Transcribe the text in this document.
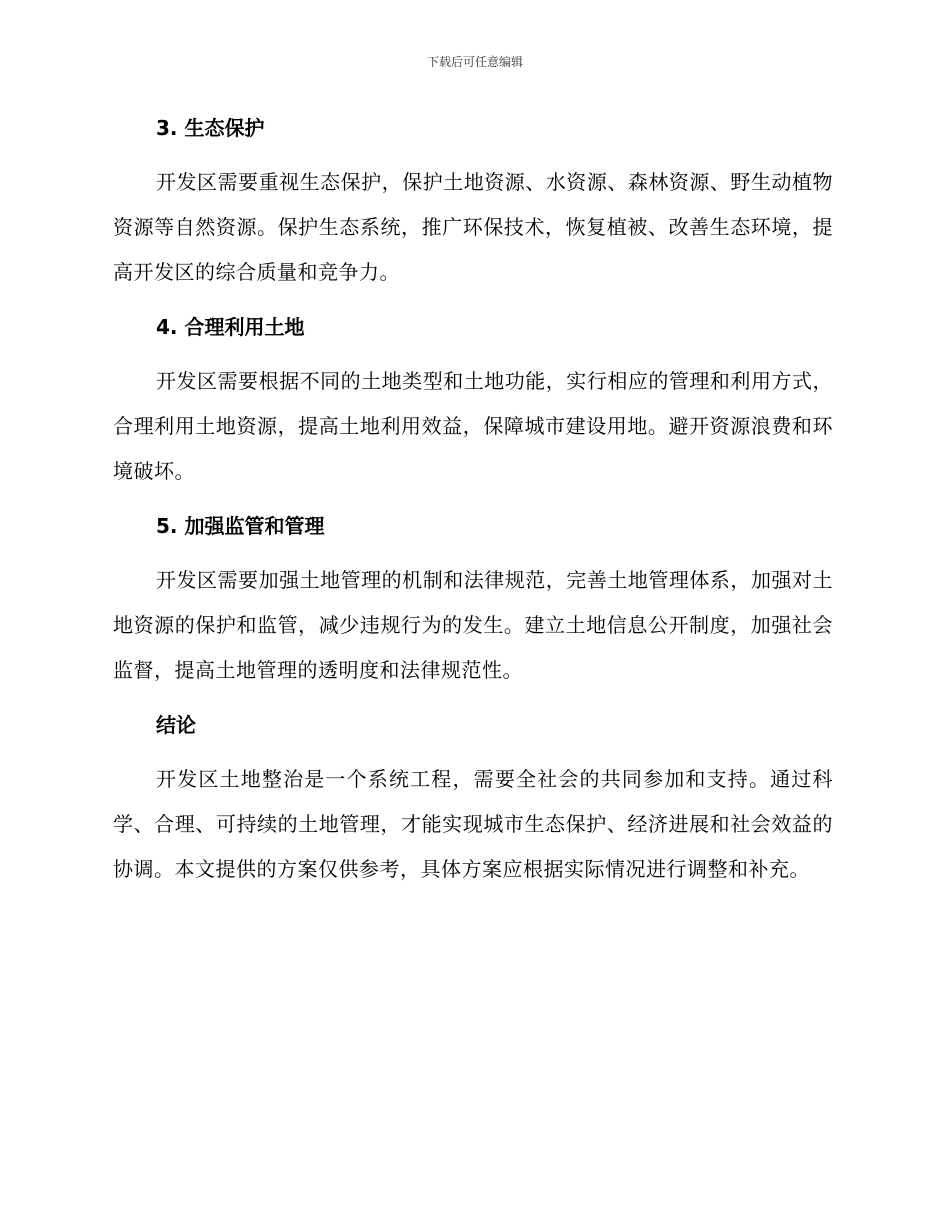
下载后可任意编辑
3. 生态保护

开发区需要重视生态保护，保护土地资源、水资源、森林资源、野生动植物资源等自然资源。保护生态系统，推广环保技术，恢复植被、改善生态环境，提高开发区的综合质量和竞争力。

4. 合理利用土地

开发区需要根据不同的土地类型和土地功能，实行相应的管理和利用方式，合理利用土地资源，提高土地利用效益，保障城市建设用地。避开资源浪费和环境破坏。

5. 加强监管和管理

开发区需要加强土地管理的机制和法律规范，完善土地管理体系，加强对土地资源的保护和监管，减少违规行为的发生。建立土地信息公开制度，加强社会监督，提高土地管理的透明度和法律规范性。

结论

开发区土地整治是一个系统工程，需要全社会的共同参加和支持。通过科学、合理、可持续的土地管理，才能实现城市生态保护、经济进展和社会效益的协调。本文提供的方案仅供参考，具体方案应根据实际情况进行调整和补充。
